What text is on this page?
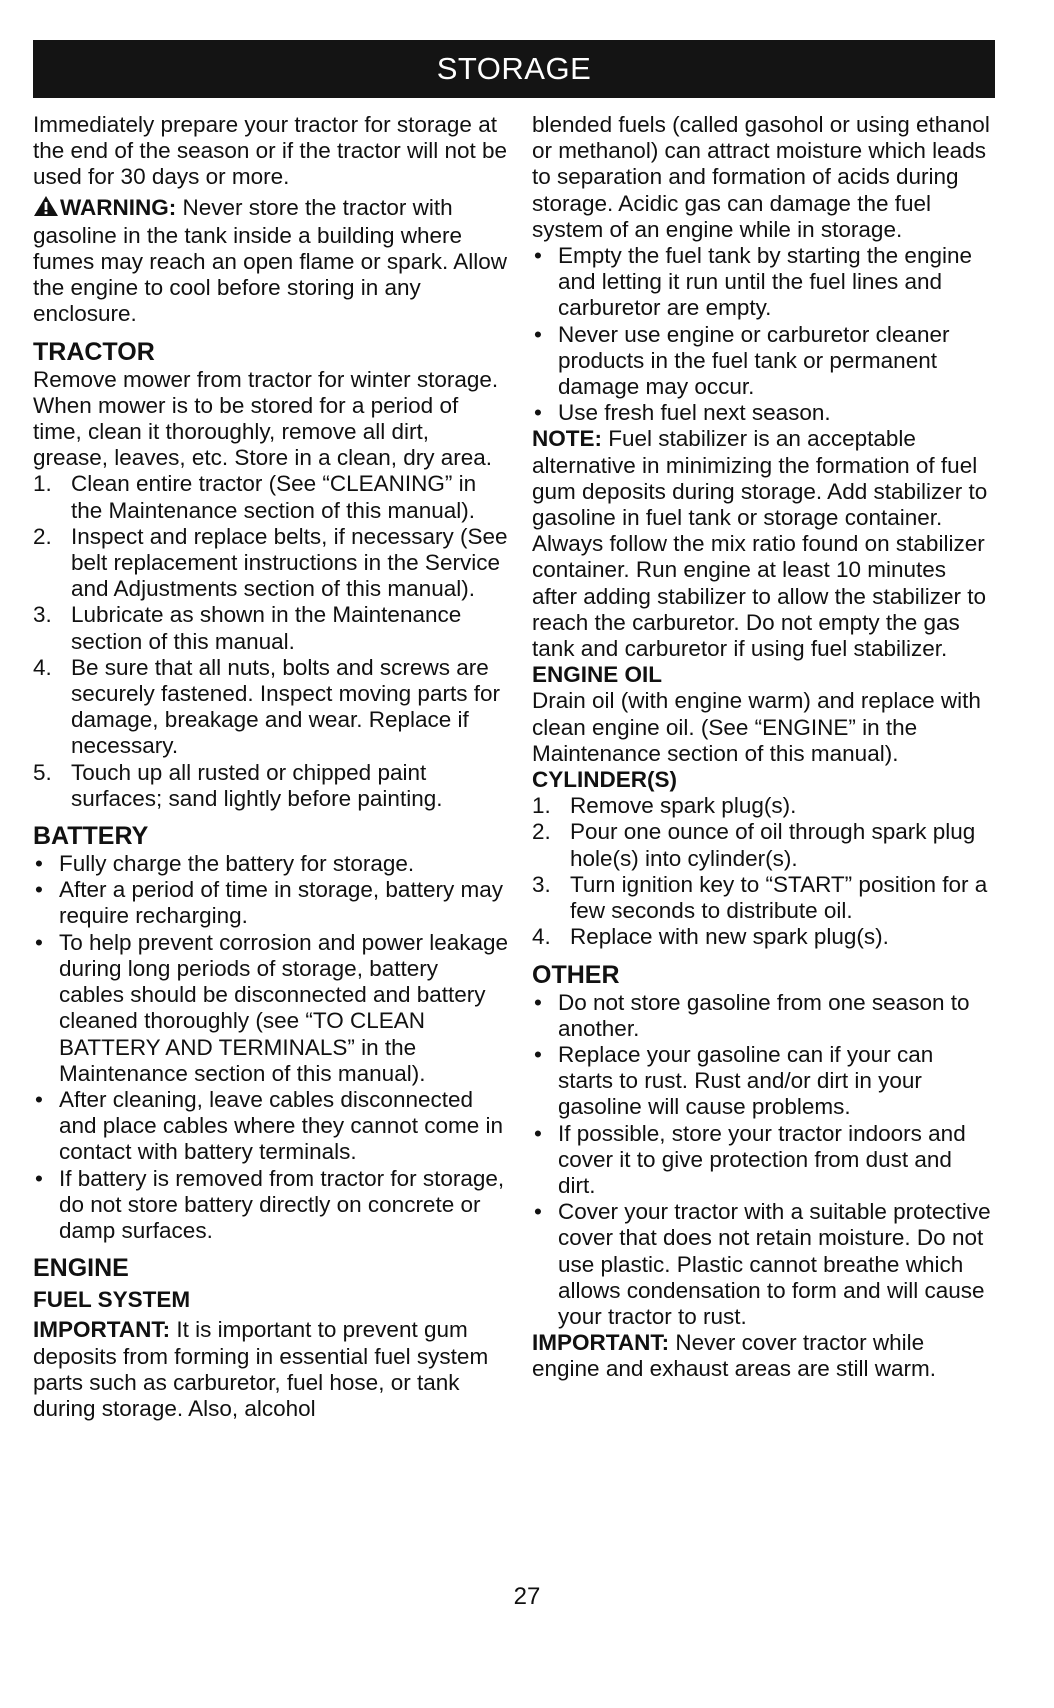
STORAGE

Immediately prepare your tractor for storage at the end of the season or if the tractor will not be used for 30 days or more.

WARNING: Never store the tractor with gasoline in the tank inside a building where fumes may reach an open flame or spark. Allow the engine to cool before storing in any enclosure.

TRACTOR

Remove mower from tractor for winter storage. When mower is to be stored for a period of time, clean it thoroughly, remove all dirt, grease, leaves, etc. Store in a clean, dry area.

1. Clean entire tractor (See “CLEANING” in the Maintenance section of this manual).
2. Inspect and replace belts, if necessary (See belt replacement instructions in the Service and Adjustments section of this manual).
3. Lubricate as shown in the Maintenance section of this manual.
4. Be sure that all nuts, bolts and screws are securely fastened. Inspect moving parts for damage, breakage and wear. Replace if necessary.
5. Touch up all rusted or chipped paint surfaces; sand lightly before painting.
BATTERY
• Fully charge the battery for storage.
• After a period of time in storage, battery may require recharging.
• To help prevent corrosion and power leakage during long periods of storage, battery cables should be disconnected and battery cleaned thoroughly (see “TO CLEAN BATTERY AND TERMINALS” in the Maintenance section of this manual).
• After cleaning, leave cables disconnected and place cables where they cannot come in contact with battery terminals.
• If battery is removed from tractor for storage, do not store battery directly on concrete or damp surfaces.
ENGINE
FUEL SYSTEM

IMPORTANT: It is important to prevent gum deposits from forming in essential fuel system parts such as carburetor, fuel hose, or tank during storage. Also, alcohol

blended fuels (called gasohol or using ethanol or methanol) can attract moisture which leads to separation and formation of acids during storage. Acidic gas can damage the fuel system of an engine while in storage.

• Empty the fuel tank by starting the engine and letting it run until the fuel lines and carburetor are empty.
• Never use engine or carburetor cleaner products in the fuel tank or permanent damage may occur.
• Use fresh fuel next season.

NOTE: Fuel stabilizer is an acceptable alternative in minimizing the formation of fuel gum deposits during storage. Add stabilizer to gasoline in fuel tank or storage container. Always follow the mix ratio found on stabilizer container. Run engine at least 10 minutes after adding stabilizer to allow the stabilizer to reach the carburetor. Do not empty the gas tank and carburetor if using fuel stabilizer.

ENGINE OIL

Drain oil (with engine warm) and replace with clean engine oil. (See “ENGINE” in the Maintenance section of this manual).

CYLINDER(S)
1. Remove spark plug(s).
2. Pour one ounce of oil through spark plug hole(s) into cylinder(s).
3. Turn ignition key to “START” position for a few seconds to distribute oil.
4. Replace with new spark plug(s).
OTHER
• Do not store gasoline from one season to another.
• Replace your gasoline can if your can starts to rust. Rust and/or dirt in your gasoline will cause problems.
• If possible, store your tractor indoors and cover it to give protection from dust and dirt.
• Cover your tractor with a suitable protective cover that does not retain moisture. Do not use plastic. Plastic cannot breathe which allows condensation to form and will cause your tractor to rust.

IMPORTANT: Never cover tractor while engine and exhaust areas are still warm.

27
